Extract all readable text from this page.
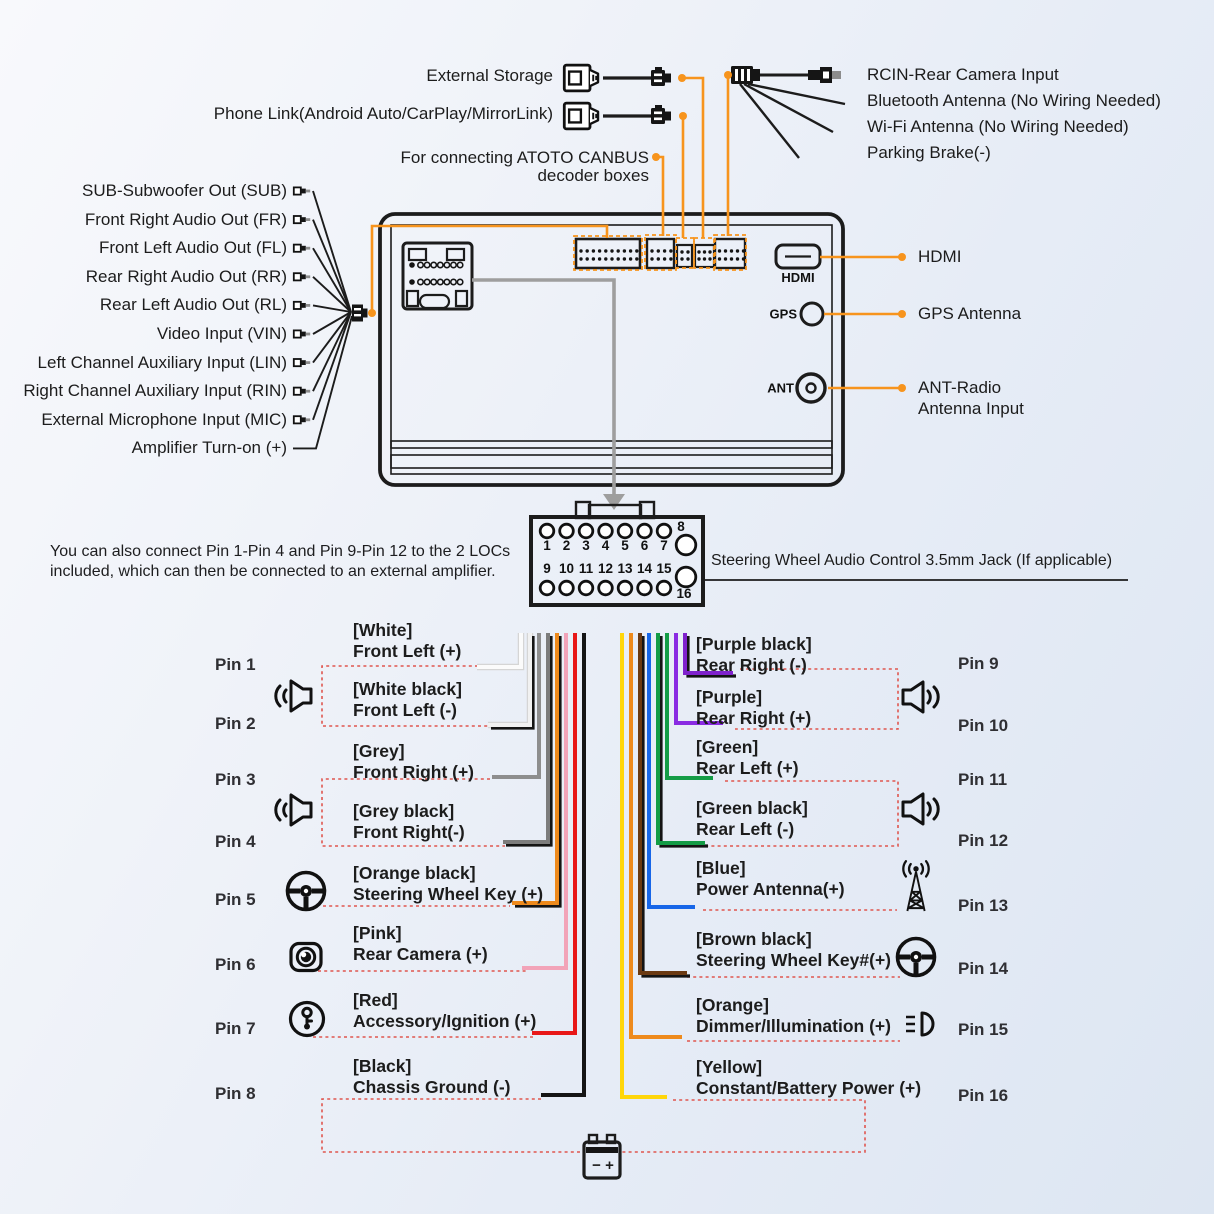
External Storage
Phone Link(Android Auto/CarPlay/MirrorLink)
For connecting ATOTO CANBUS
decoder boxes
HDMI
GPS Antenna
ANT-Radio
Antenna Input
HDMI
GPS
ANT
You can also connect Pin 1-Pin 4 and Pin 9-Pin 12 to the 2 LOCs
included, which can then be connected to an external amplifier.
Steering Wheel Audio Control 3.5mm Jack (If applicable)
[White]
Front Left (+)
[White black]
Front Left (-)
[Grey]
Front Right (+)
[Grey black]
Front Right(-)
[Orange black]
Steering Wheel Key (+)
[Pink]
Rear Camera (+)
[Red]
Accessory/Ignition (+)
[Black]
Chassis Ground (-)
[Purple black]
Rear Right (-)
[Purple]
Rear Right (+)
[Green]
Rear Left (+)
[Green black]
Rear Left (-)
[Blue]
Power Antenna(+)
[Brown black]
Steering Wheel Key#(+)
[Orange]
Dimmer/Illumination (+)
[Yellow]
Constant/Battery Power (+)
− +
SUB-Subwoofer Out (SUB)
Front Right Audio Out (FR)
Front Left Audio Out (FL)
Rear Right Audio Out (RR)
Rear Left Audio Out (RL)
Video Input (VIN)
Left Channel Auxiliary Input (LIN)
Right Channel Auxiliary Input (RIN)
External Microphone Input (MIC)
Amplifier Turn-on (+)
RCIN-Rear Camera Input
Bluetooth Antenna (No Wiring Needed)
Wi-Fi Antenna (No Wiring Needed)
Parking Brake(-)
1 2 3 4 5 6 7
9 10 11 12 13 14 15
8
16
Pin 1
Pin 2
Pin 3
Pin 4
Pin 5
Pin 6
Pin 7
Pin 8
Pin 9
Pin 10
Pin 11
Pin 12
Pin 13
Pin 14
Pin 15
Pin 16
